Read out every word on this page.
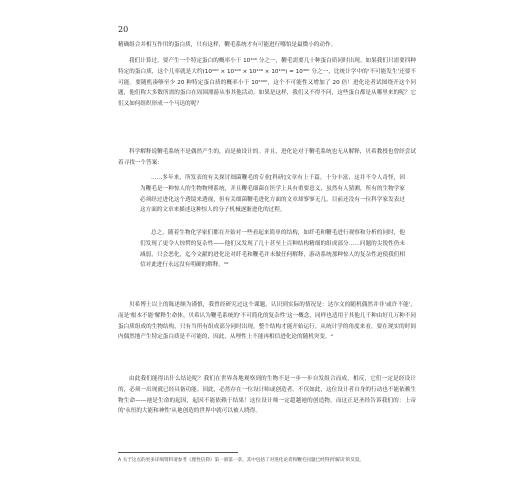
20

精确组合并相互作用的蛋白质，只有这样，鞭毛系统才有可能进行哪怕是最微小的动作。

我们计算过，要产生一个特定蛋白的概率小于 10¹⁰⁰ 分之一，鞭毛需要几十种蛋白质同时出现。如果我们只需要四种特定的蛋白质，这个几率就是大约(10¹⁰⁰ × 10¹⁰⁰ × 10¹⁰⁰ × 10¹⁰⁰) = 10⁴⁰⁰ 分之一，比统计学中的'不可能发生'还要不可能。要随机凑够至少 20 种特定蛋白质的概率小于 10²⁰⁰⁰，这个不可能性又增加了 20 倍！进化论者试图绕开这个问题，他们称大多数所需的蛋白在周围漂游从事其他活动。如果是这样，我们又不得不问，这些蛋白都是从哪里来的呢？它们又如何组织形成一个马达的呢？

科学解释说鞭毛系统不是偶然产生的，而是被设计的。并且，进化论对于鞭毛系统也无从解释，贝希教授也曾经尝试着寻找一个答案：

……多年来，所发表的有关探讨细菌鞭毛的专业[科研]文章有上千篇，十分丰富，这并不令人奇怪，因为鞭毛是一种惊人的生物物理系统，并且鞭毛细菌在医学上具有重要意义，虽然有人猜测，所有的生物学家必须经过进化这个透镜来透视，但有关细菌鞭毛进化方面的文章却寥寥无几。目前还没有一位科学家发表过这方面的文章来描述这种惊人的分子机械逐渐进化的过程。

总之，随着生物化学家们都在开始对一些看起来简单的结构，如纤毛和鞭毛进行观察和分析的同时，他们发现了更令人惊愕的复杂性——他们又发现了几十甚至上百种结构精细的组成部分……问题的尖锐性仍未减弱，只会恶化，迄今文献的进化论对纤毛和鞭毛并未做任何解释，游动系统那种惊人的复杂性迫使我们相信对此进行永远没有明确的解释。¹⁰

贝希博士以上的陈述颇为谨慎，我曾经研究过这个课题，认识到实际的情况是：达尔文的随机偶然并非'或许不能'，而是'根本不能'解释生命体。贝希认为鞭毛系统的'不可简化的复杂性'这一概念，同样也适用于其他几千种由好几万种不同蛋白质组成的生物结构，只有当所有组成部分同时出现，整个结构才能开始运行。从统计学的角度来看，要在现实的时间内偶然地产生特定蛋白质是不可能的，因此，从理性上不能再相信进化论的随机突变。ᴬ

由此我们能得出什么结论呢？我们在世界各地观察到的生物不是一步一步自发组合而成，相反，它们一定是经设计的，必须一出现就已经具备功能。因此，必然存在一位设计师或创造者。不仅如此，这位设计者自身的行动也不能依赖生物生命——祂是生命的起因，起因不能依赖于结果！这位设计师一定超越祂的创造物，而这正是圣经告诉我们的：上帝的'永恒的大能和神性'从祂创造的世界中就可以被人晓得。

A 关于这点的更多详细资料请参考《理性信仰》第一册第一章。其中包括了对进化论者和鞭毛问题已经得到'解决'的反驳。
